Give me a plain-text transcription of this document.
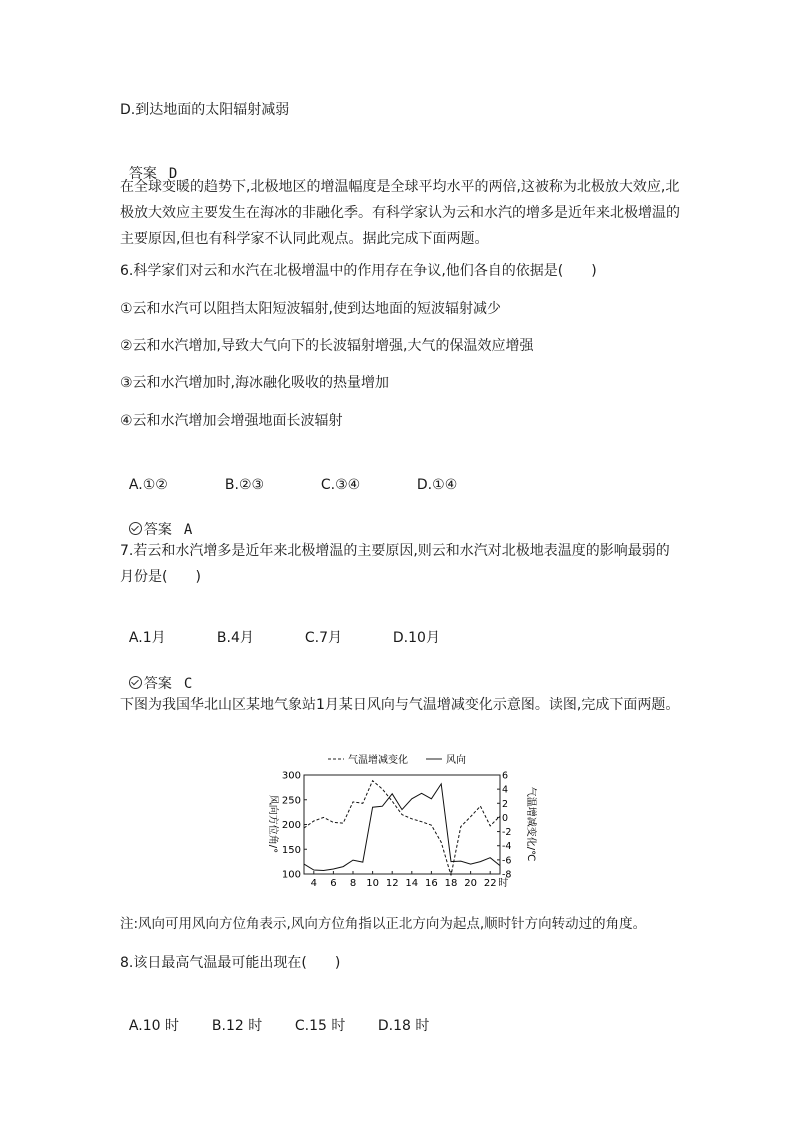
D.到达地面的太阳辐射减弱

答案 D

在全球变暖的趋势下,北极地区的增温幅度是全球平均水平的两倍,这被称为北极放大效应,北极放大效应主要发生在海冰的非融化季。有科学家认为云和水汽的增多是近年来北极增温的主要原因,但也有科学家不认同此观点。据此完成下面两题。
6.科学家们对云和水汽在北极增温中的作用存在争议,他们各自的依据是(　　)
①云和水汽可以阻挡太阳短波辐射,使到达地面的短波辐射减少
②云和水汽增加,导致大气向下的长波辐射增强,大气的保温效应增强
③云和水汽增加时,海冰融化吸收的热量增加
④云和水汽增加会增强地面长波辐射

A.①②	B.②③	C.③④	D.①④

答案 A

7.若云和水汽增多是近年来北极增温的主要原因,则云和水汽对北极地表温度的影响最弱的月份是(　　)

A.1月	B.4月	C.7月	D.10月

答案 C

下图为我国华北山区某地气象站1月某日风向与气温增减变化示意图。读图,完成下面两题。
气温增减变化	风向
100
150
200
250
300	6
4
2
0
-2
-4
-6
-8
4 6 8 10 12 14 16 18 20 22 时
风向方位角/°	气温增减变化/℃
注:风向可用风向方位角表示,风向方位角指以正北方向为起点,顺时针方向转动过的角度。
8.该日最高气温最可能出现在(　　)

A.10 时 B.12 时 C.15 时 D.18 时
